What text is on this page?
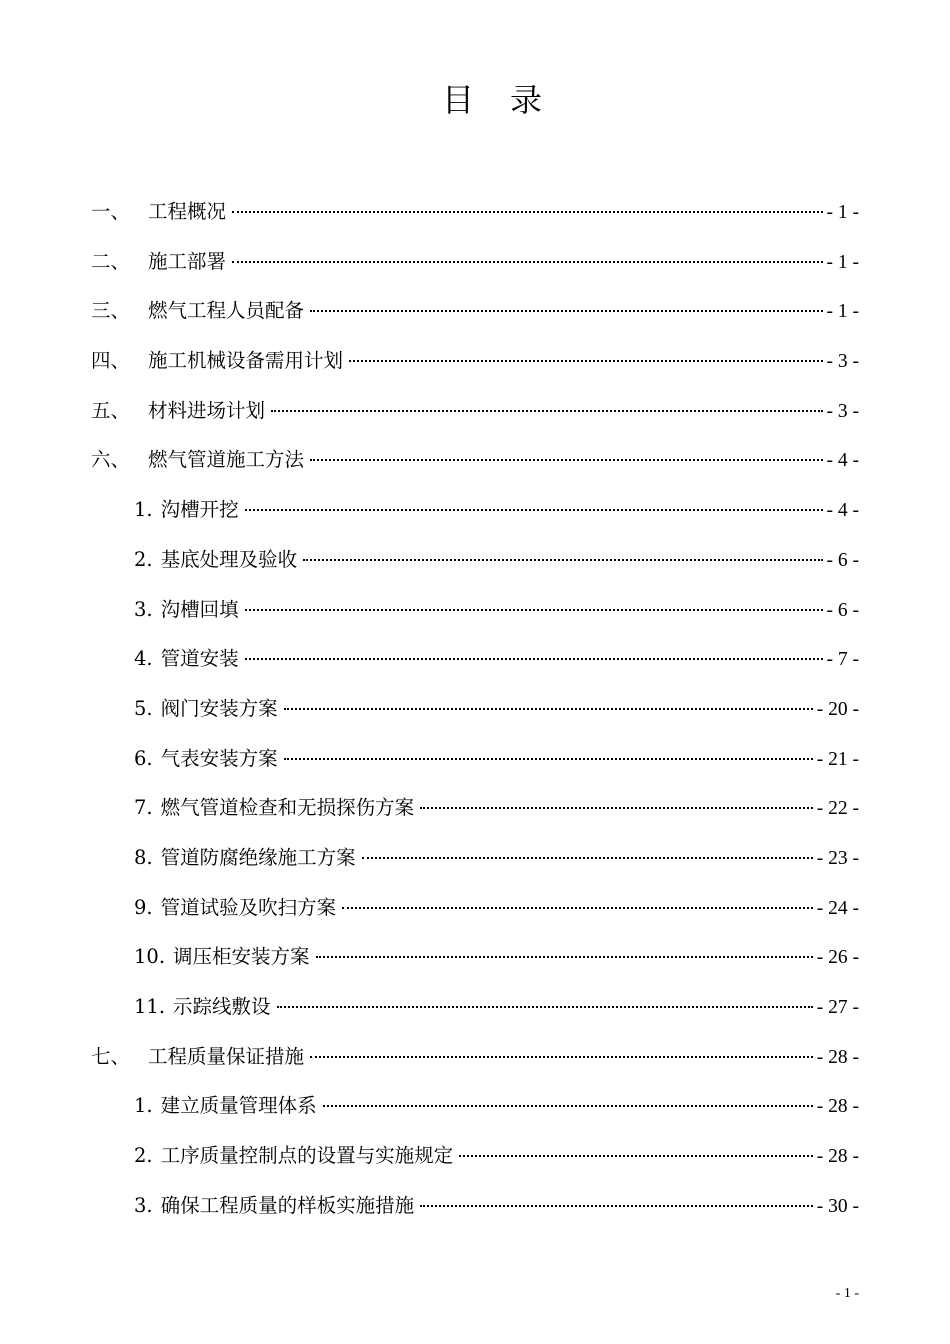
目录
一、 工程概况	- 1 -
二、 施工部署	- 1 -
三、 燃气工程人员配备	- 1 -
四、 施工机械设备需用计划	- 3 -
五、 材料进场计划	- 3 -
六、 燃气管道施工方法	- 4 -
1. 沟槽开挖	- 4 -
2. 基底处理及验收	- 6 -
3. 沟槽回填	- 6 -
4. 管道安装	- 7 -
5. 阀门安装方案	- 20 -
6. 气表安装方案	- 21 -
7. 燃气管道检查和无损探伤方案	- 22 -
8. 管道防腐绝缘施工方案	- 23 -
9. 管道试验及吹扫方案	- 24 -
10. 调压柜安装方案	- 26 -
11. 示踪线敷设	- 27 -
七、 工程质量保证措施	- 28 -
1. 建立质量管理体系	- 28 -
2. 工序质量控制点的设置与实施规定	- 28 -
3. 确保工程质量的样板实施措施	- 30 -
- 1 -
